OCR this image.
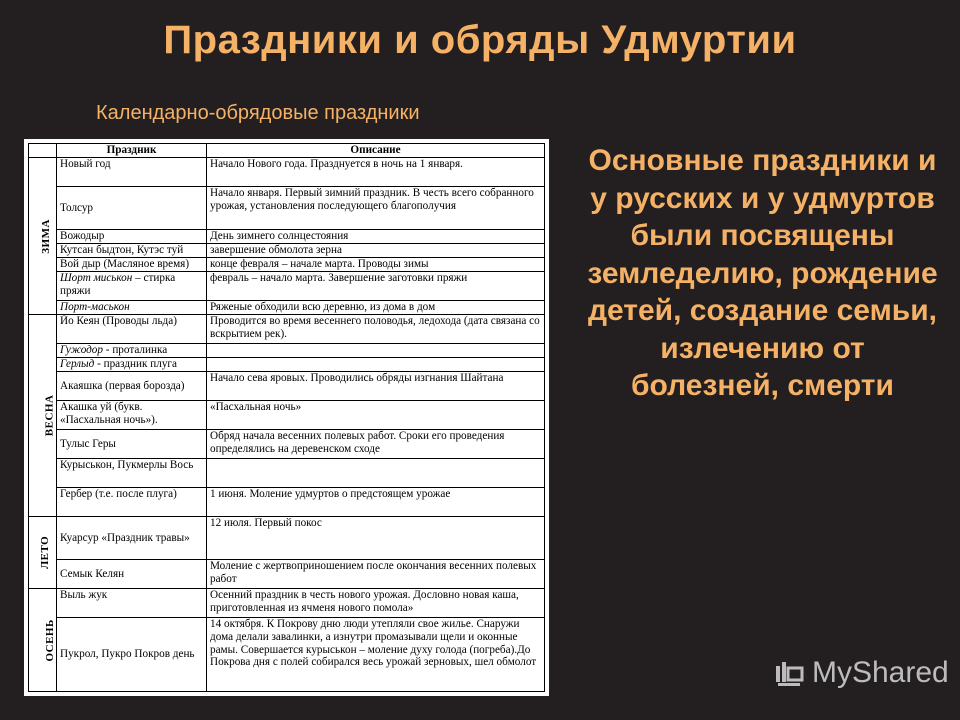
Праздники и обряды Удмуртии
Календарно-обрядовые праздники
	Праздник	Описание
ЗИМА	Новый год	Начало Нового года. Празднуется в ночь на 1 января.
	Толсур	Начало января. Первый зимний праздник. В честь всего собранного урожая, установления последующего благополучия
	Вожодыр	День зимнего солнцестояния
	Кутсан быдтон, Кутэс туй	завершение обмолота зерна
	Вой дыр (Масляное время)	конце февраля – начале марта. Проводы зимы
	Шорт миськон – стирка пряжи	февраль – начало марта. Завершение заготовки пряжи
	Порт-маськон	Ряженые обходили всю деревню, из дома в дом
ВЕСНА	Йо Кеян (Проводы льда)	Проводится во время весеннего половодья, ледохода (дата связана со вскрытием рек).
	Гужодор - проталинка	
	Герлыд - праздник плуга	
	Акаяшка (первая борозда)	Начало сева яровых. Проводились обряды изгнания Шайтана
	Акашка уй (букв. «Пасхальная ночь»).	«Пасхальная ночь»
	Тулыс Геры	Обряд начала весенних полевых работ. Сроки его проведения определялись на деревенском сходе
	Курыськон, Пукмерлы Вось	
	Гербер (т.е. после плуга)	1 июня. Моление удмуртов о предстоящем урожае
ЛЕТО	Куарсур «Праздник травы»	12 июля. Первый покос
	Семык Келян	Моление с жертвоприношением после окончания весенних полевых работ
ОСЕНЬ	Выль жук	Осенний праздник в честь нового урожая. Дословно новая каша, приготовленная из ячменя нового помола»
	Пукрол, Пукро Покров день	14 октября. К Покрову дню люди утепляли свое жилье. Снаружи дома делали завалинки, а изнутри промазывали щели и оконные рамы. Совершается курыськон – моление духу голода (погреба).До Покрова дня с полей собирался весь урожай зерновых, шел обмолот
Основные праздники и у русских и у удмуртов были посвящены земледелию, рождение детей, создание семьи, излечению от болезней, смерти
MyShared
